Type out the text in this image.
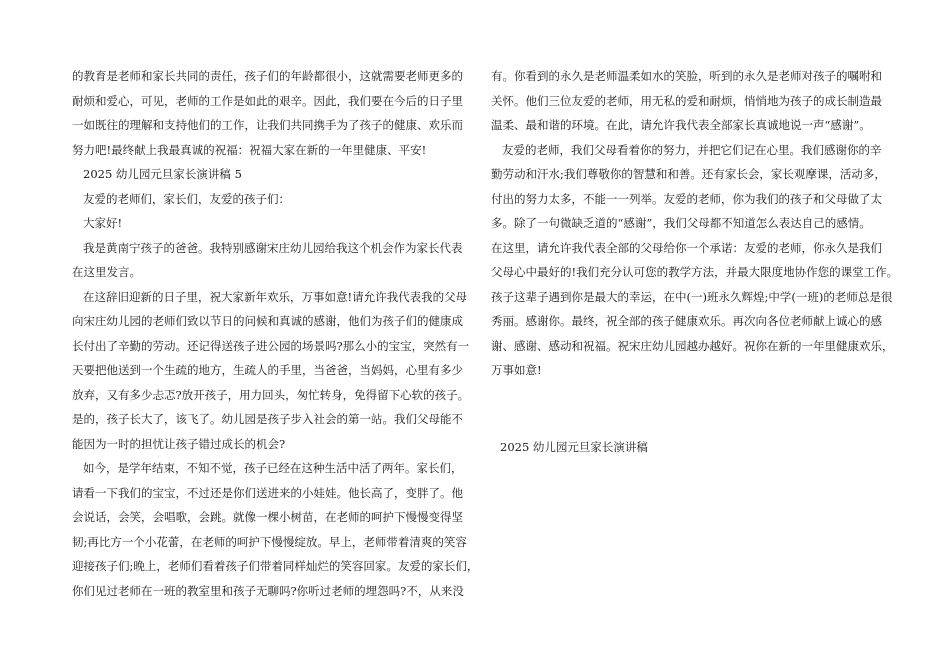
的教育是老师和家长共同的责任，孩子们的年龄都很小，这就需要老师更多的
耐烦和爱心，可见，老师的工作是如此的艰辛。因此，我们要在今后的日子里
一如既往的理解和支持他们的工作，让我们共同携手为了孩子的健康、欢乐而
努力吧!最终献上我最真诚的祝福：祝福大家在新的一年里健康、平安!
2025 幼儿园元旦家长演讲稿 5
友爱的老师们，家长们，友爱的孩子们：
大家好!
我是黄南宁孩子的爸爸。我特别感谢宋庄幼儿园给我这个机会作为家长代表
在这里发言。
在这辞旧迎新的日子里，祝大家新年欢乐，万事如意!请允许我代表我的父母
向宋庄幼儿园的老师们致以节日的问候和真诚的感谢，他们为孩子们的健康成
长付出了辛勤的劳动。还记得送孩子进公园的场景吗?那么小的宝宝，突然有一
天要把他送到一个生疏的地方，生疏人的手里，当爸爸，当妈妈，心里有多少
放弃，又有多少忐忑?放开孩子，用力回头，匆忙转身，免得留下心软的孩子。
是的，孩子长大了，该飞了。幼儿园是孩子步入社会的第一站。我们父母能不
能因为一时的担忧让孩子错过成长的机会?
如今，是学年结束，不知不觉，孩子已经在这种生活中活了两年。家长们，
请看一下我们的宝宝，不过还是你们送进来的小娃娃。他长高了，变胖了。他
会说话，会笑，会唱歌，会跳。就像一棵小树苗，在老师的呵护下慢慢变得坚
韧;再比方一个小花蕾，在老师的呵护下慢慢绽放。早上，老师带着清爽的笑容
迎接孩子们;晚上，老师们看着孩子们带着同样灿烂的笑容回家。友爱的家长们，
你们见过老师在一班的教室里和孩子无聊吗?你听过老师的埋怨吗?不，从来没
有。你看到的永久是老师温柔如水的笑脸，听到的永久是老师对孩子的嘱咐和
关怀。他们三位友爱的老师，用无私的爱和耐烦，悄悄地为孩子的成长制造最
温柔、最和谐的环境。在此，请允许我代表全部家长真诚地说一声“感谢”。
友爱的老师，我们父母看着你的努力，并把它们记在心里。我们感谢你的辛
勤劳动和汗水;我们尊敬你的智慧和和善。还有家长会，家长观摩课，活动多，
付出的努力太多，不能一一列举。友爱的老师，你为我们的孩子和父母做了太
多。除了一句微缺乏道的“感谢”，我们父母都不知道怎么表达自己的感情。
在这里，请允许我代表全部的父母给你一个承诺：友爱的老师，你永久是我们
父母心中最好的!我们充分认可您的教学方法，并最大限度地协作您的课堂工作。
孩子这辈子遇到你是最大的幸运，在中(一)班永久辉煌;中学(一班)的老师总是很
秀丽。感谢你。最终，祝全部的孩子健康欢乐。再次向各位老师献上诚心的感
谢、感谢、感动和祝福。祝宋庄幼儿园越办越好。祝你在新的一年里健康欢乐，
万事如意!
2025 幼儿园元旦家长演讲稿
